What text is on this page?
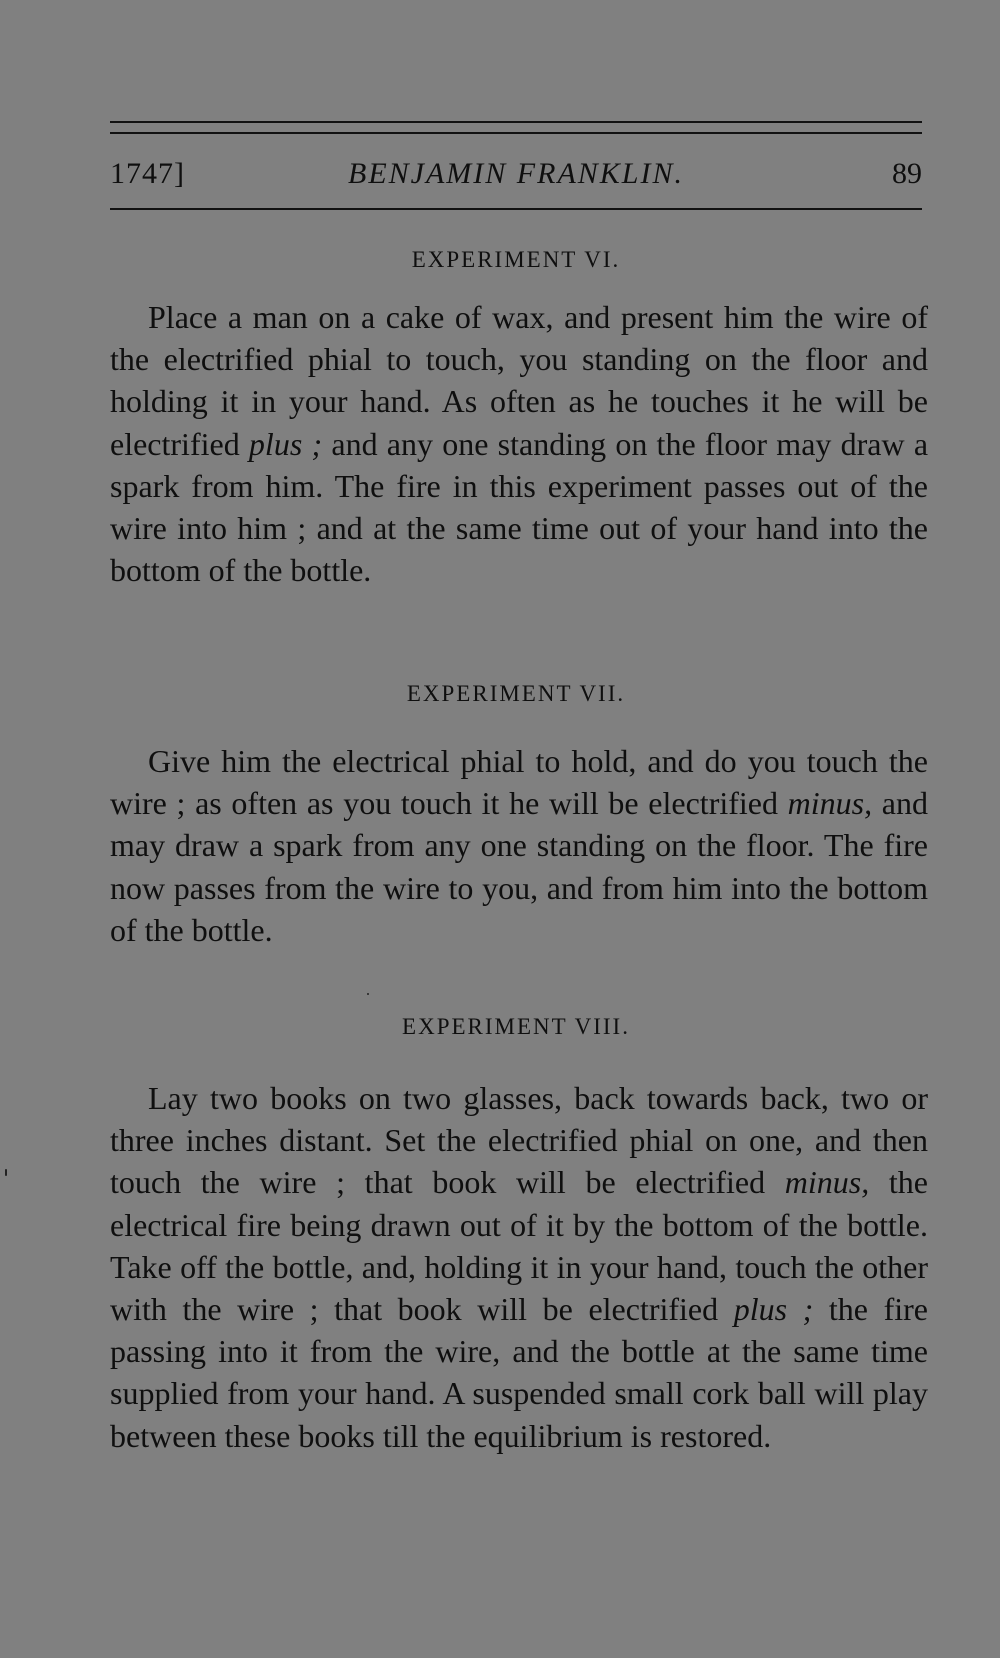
1747]	BENJAMIN FRANKLIN.	89
EXPERIMENT VI.

Place a man on a cake of wax, and present him the wire of the electrified phial to touch, you standing on the floor and holding it in your hand. As often as he touches it he will be electrified plus ; and any one standing on the floor may draw a spark from him. The fire in this experiment passes out of the wire into him ; and at the same time out of your hand into the bottom of the bottle.

EXPERIMENT VII.

Give him the electrical phial to hold, and do you touch the wire ; as often as you touch it he will be electrified minus, and may draw a spark from any one standing on the floor. The fire now passes from the wire to you, and from him into the bottom of the bottle.

EXPERIMENT VIII.

Lay two books on two glasses, back towards back, two or three inches distant. Set the electrified phial on one, and then touch the wire ; that book will be electrified minus, the electrical fire being drawn out of it by the bottom of the bottle. Take off the bottle, and, holding it in your hand, touch the other with the wire ; that book will be electrified plus ; the fire passing into it from the wire, and the bottle at the same time supplied from your hand. A suspended small cork ball will play between these books till the equilibrium is restored.
